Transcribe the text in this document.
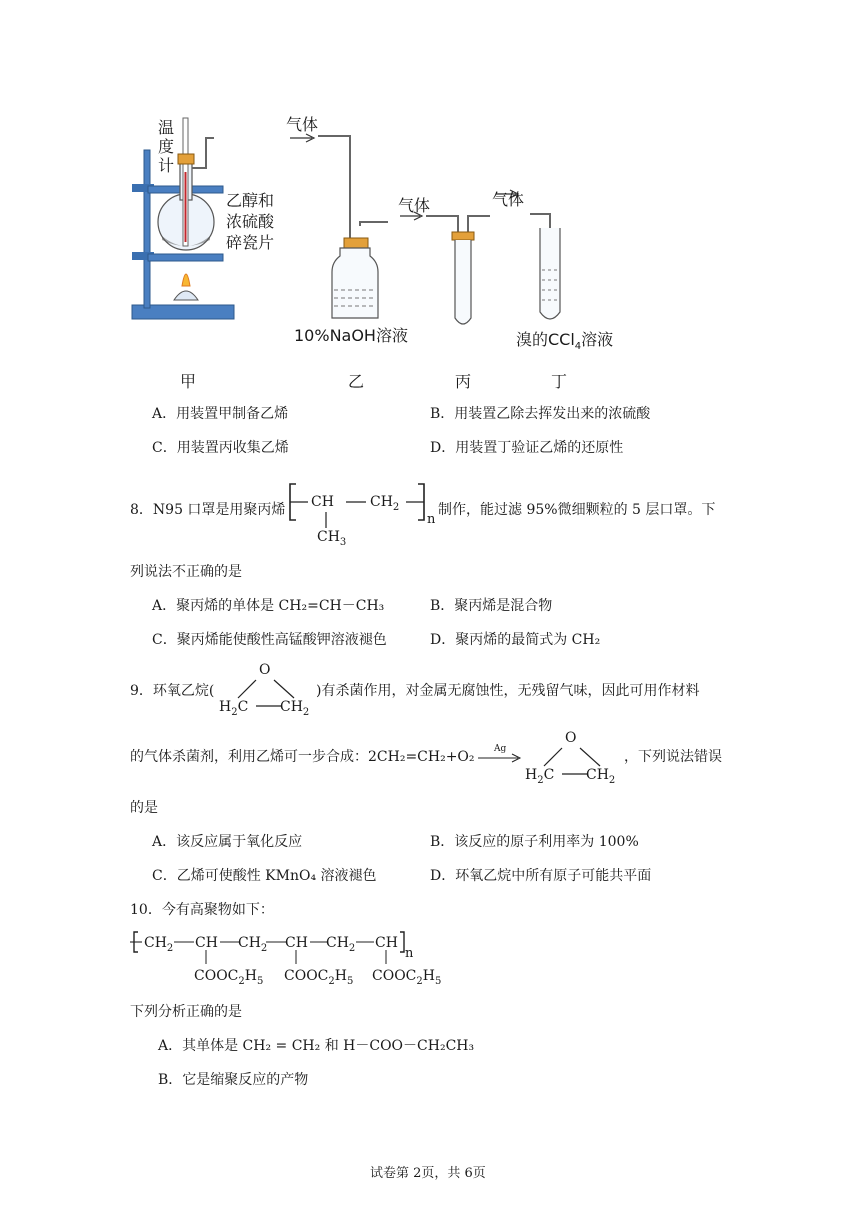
温
度
计
乙醇和
浓硫酸
碎瓷片
气体
气体	气体
10%NaOH溶液	溴的CCl$_4$溶液
甲	乙	丙	丁
A．用装置甲制备乙烯	B．用装置乙除去挥发出来的浓硫酸
C．用装置丙收集乙烯	D．用装置丁验证乙烯的还原性
8．N95 口罩是用聚丙烯 CH	$CH_2$
$CH_3$
n
制作，能过滤 95%微细颗粒的 5 层口罩。下
列说法不正确的是
A．聚丙烯的单体是 CH₂=CH－CH₃	B．聚丙烯是混合物
C．聚丙烯能使酸性高锰酸钾溶液褪色	D．聚丙烯的最简式为 CH₂
9．环氧乙烷(
O
$H_2C$ $CH_2$
)有杀菌作用，对金属无腐蚀性，无残留气味，因此可用作材料
的气体杀菌剂，利用乙烯可一步合成：2CH₂=CH₂+O₂ →
Ag
O
$H_2C$ $CH_2$
，下列说法错误
的是
A．该反应属于氧化反应	B．该反应的原子利用率为 100%
C．乙烯可使酸性 KMnO₄ 溶液褪色	D．环氧乙烷中所有原子可能共平面
10．今有高聚物如下：
$CH_2$ CH $CH_2$ CH $CH_2$ CH
n
$COOC_2H_5$ $COOC_2H_5$ $COOC_2H_5$
下列分析正确的是
A．其单体是 CH₂ = CH₂ 和 H－COO－CH₂CH₃
B．它是缩聚反应的产物
试卷第 2页，共 6页
